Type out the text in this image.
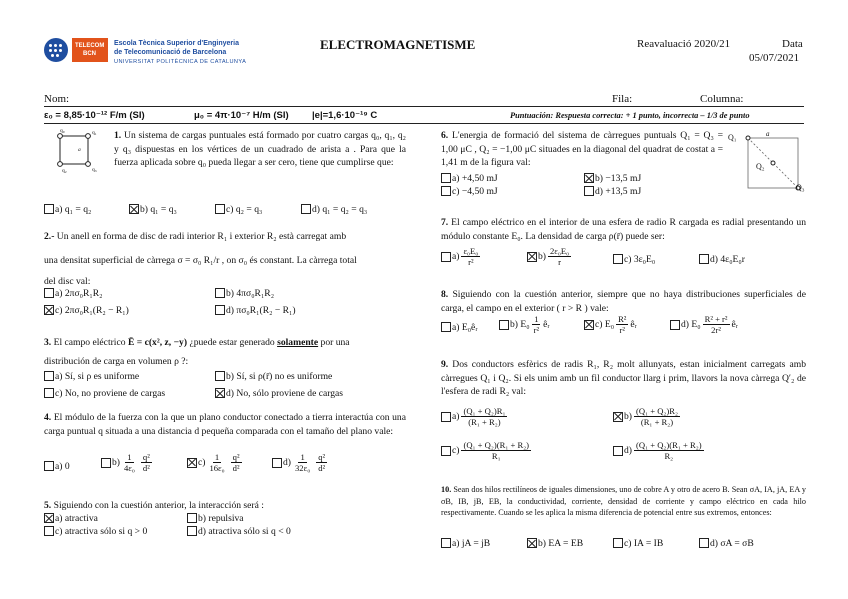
TELECOM
BCN
Escola Tècnica Superior d'Enginyeria
de Telecomunicació de Barcelona
UNIVERSITAT POLITÈCNICA DE CATALUNYA
ELECTROMAGNETISME	Reavaluació 2020/21	Data
05/07/2021
Nom:	Fila:	Columna:
ε₀ = 8,85·10⁻¹² F/m (SI)	μ₀ = 4π·10⁻⁷ H/m (SI) |e|=1,6·10⁻¹⁹ C	Puntuación: Respuesta correcta: + 1 punto, incorrecta – 1/3 de punto
q₀	q₁
q₂	q₃
a
1. Un sistema de cargas puntuales está formado por cuatro cargas q₀, q₁, q₂ y q₃ dispuestas en los vértices de un cuadrado de arista a . Para que la fuerza aplicada sobre q₀ pueda llegar a ser cero, tiene que cumplirse que:
a) q₁ = q₂	b) q₁ = q₃	c) q₂ = q₃	d) q₁ = q₂ = q₃
2.- Un anell en forma de disc de radi interior R₁ i exterior R₂ està carregat amb
una densitat superficial de càrrega σ = σ₀ R₁/r , on σ₀ és constant. La càrrega total
del disc val:
a) 2πσ₀R₁R₂	b) 4πσ₀R₁R₂
c) 2πσ₀R₁(R₂ − R₁)	d) πσ₀R₁(R₂ − R₁)
3. El campo eléctrico Ē = c(x², z, −y) ¿puede estar generado solamente por una
distribución de carga en volumen ρ ?:
a) Sí, si ρ es uniforme	b) Sí, si ρ(r̄) no es uniforme
c) No, no proviene de cargas	d) No, sólo proviene de cargas
4. El módulo de la fuerza con la que un plano conductor conectado a tierra interactúa con una carga puntual q situada a una distancia d pequeña comparada con el tamaño del plano vale:
a) 0	$b) \frac{1}{\text{4ε₀}} \frac{\text{q²}}{\text{d²}}$	$c) \frac{1}{\text{16ε₀}} \frac{\text{q²}}{\text{d²}}$	$d) \frac{1}{\text{32ε₀}} \frac{\text{q²}}{\text{d²}}$
5. Siguiendo con la cuestión anterior, la interacción será :
a) atractiva	b) repulsiva
c) atractiva sólo si q > 0	d) atractiva sólo si q < 0
6. L'energia de formació del sistema de càrregues puntuals Q₁ = Q₃ = 1,00 μC , Q₂ = −1,00 μC situades en la diagonal del quadrat de costat a = 1,41 m de la figura val:
Q₁	a
Q₂
Q₃
a) +4,50 mJ	b) −13,5 mJ
c) −4,50 mJ	d) +13,5 mJ
7. El campo eléctrico en el interior de una esfera de radio R cargada es radial presentando un módulo constante E₀. La densidad de carga ρ(r̄) puede ser:
$a) \frac{\text{ε₀E₀}}{\text{r²}}$	$b) \frac{\text{2ε₀E₀}}{r}$	c) 3ε₀E₀	d) 4ε₀E₀r
8. Siguiendo con la cuestión anterior, siempre que no haya distribuciones superficiales de carga, el campo en el exterior ( r > R ) vale:
a) E₀êᵣ	b) $E_0 \frac{1}{\text{r²}}$ êᵣ	c) $E_0 \frac{\text{R²}}{\text{r²}}$ êᵣ	d) $E_0 \frac{\text{R² + r²}}{\text{2r²}}$ êᵣ
9. Dos conductors esfèrics de radis R₁, R₂ molt allunyats, estan inicialment carregats amb càrregues Q₁ i Q₂. Si els unim amb un fil conductor llarg i prim, llavors la nova càrrega Q′₂ de l'esfera de radi R₂ val:
$a) \frac{\text{(Q₁ + Q₂)R₁}}{\text{(R₁ + R₂)}}$	$b) \frac{\text{(Q₁ + Q₂)R₂}}{\text{(R₁ + R₂)}}$
$c) \frac{\text{(Q₁ + Q₂)(R₁ + R₂)}}{\text{R₁}}$	$d) \frac{\text{(Q₁ + Q₂)(R₁ + R₂)}}{\text{R₂}}$
10. Sean dos hilos rectilíneos de iguales dimensiones, uno de cobre A y otro de acero B. Sean σA, IA, jA, EA y σB, IB, jB, EB, la conductividad, corriente, densidad de corriente y campo eléctrico en cada hilo respectivamente. Cuando se les aplica la misma diferencia de potencial entre sus extremos, entonces:
a) jA = jB	b) EA = EB	c) IA = IB	d) σA = σB
